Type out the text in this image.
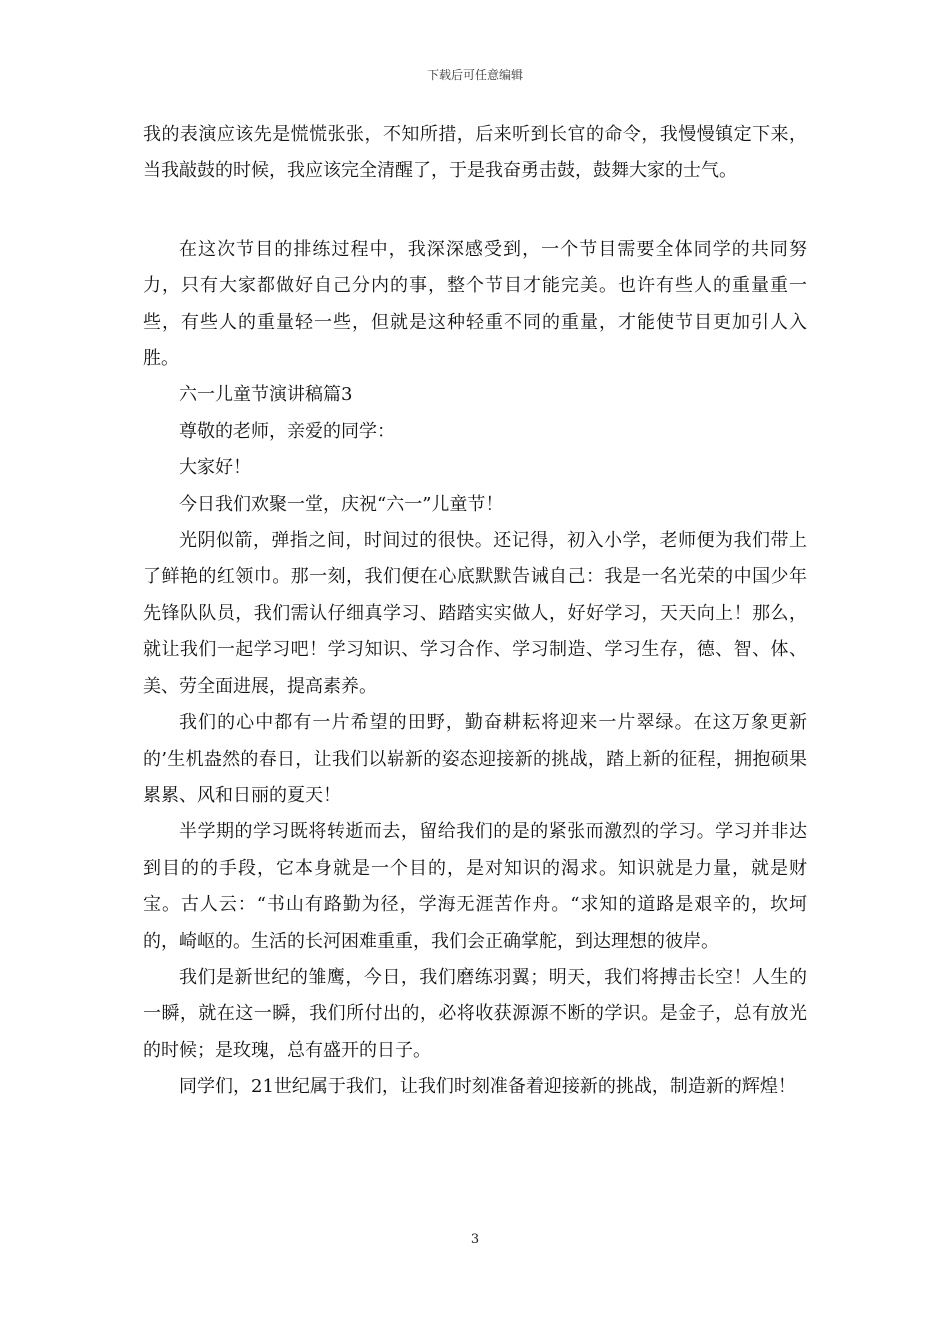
下载后可任意编辑

我的表演应该先是慌慌张张，不知所措，后来听到长官的命令，我慢慢镇定下来，当我敲鼓的时候，我应该完全清醒了，于是我奋勇击鼓，鼓舞大家的士气。

在这次节目的排练过程中，我深深感受到，一个节目需要全体同学的共同努力，只有大家都做好自己分内的事，整个节目才能完美。也许有些人的重量重一些，有些人的重量轻一些，但就是这种轻重不同的重量，才能使节目更加引人入胜。

六一儿童节演讲稿篇3

尊敬的老师，亲爱的同学：

大家好！

今日我们欢聚一堂，庆祝“六一”儿童节！

光阴似箭，弹指之间，时间过的很快。还记得，初入小学，老师便为我们带上了鲜艳的红领巾。那一刻，我们便在心底默默告诫自己：我是一名光荣的中国少年先锋队队员，我们需认仔细真学习、踏踏实实做人，好好学习，天天向上！那么，就让我们一起学习吧！学习知识、学习合作、学习制造、学习生存，德、智、体、美、劳全面进展，提高素养。

我们的心中都有一片希望的田野，勤奋耕耘将迎来一片翠绿。在这万象更新的’生机盎然的春日，让我们以崭新的姿态迎接新的挑战，踏上新的征程，拥抱硕果累累、风和日丽的夏天！

半学期的学习既将转逝而去，留给我们的是的紧张而激烈的学习。学习并非达到目的的手段，它本身就是一个目的，是对知识的渴求。知识就是力量，就是财宝。古人云：“书山有路勤为径，学海无涯苦作舟。“求知的道路是艰辛的，坎坷的，崎岖的。生活的长河困难重重，我们会正确掌舵，到达理想的彼岸。

我们是新世纪的雏鹰，今日，我们磨练羽翼；明天，我们将搏击长空！人生的一瞬，就在这一瞬，我们所付出的，必将收获源源不断的学识。是金子，总有放光的时候；是玫瑰，总有盛开的日子。

同学们，21世纪属于我们，让我们时刻准备着迎接新的挑战，制造新的辉煌！

3
